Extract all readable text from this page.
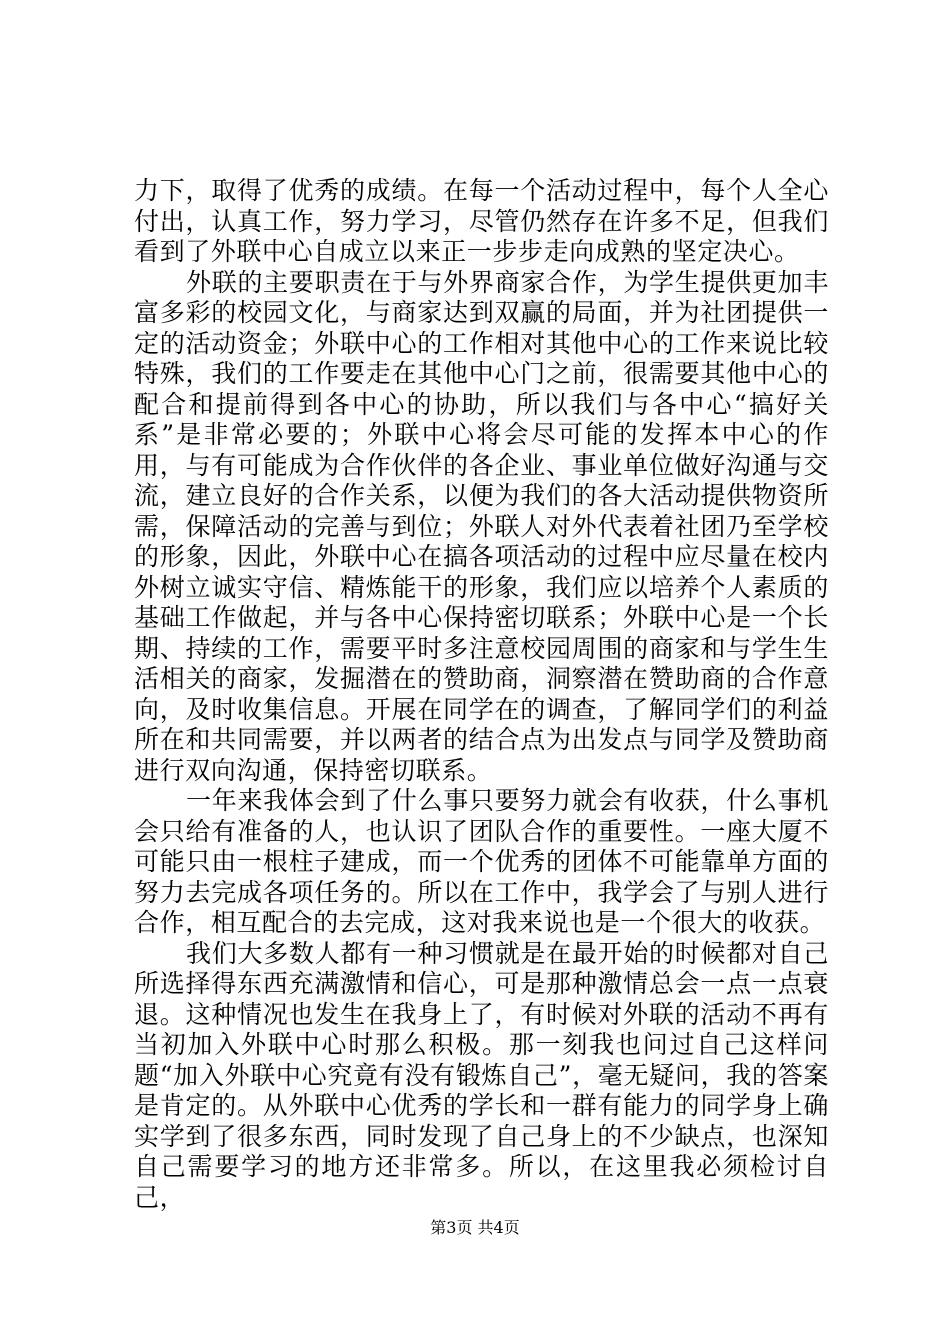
力下，取得了优秀的成绩。在每一个活动过程中，每个人全心付出，认真工作，努力学习，尽管仍然存在许多不足，但我们看到了外联中心自成立以来正一步步走向成熟的坚定决心。

外联的主要职责在于与外界商家合作，为学生提供更加丰富多彩的校园文化，与商家达到双赢的局面，并为社团提供一定的活动资金；外联中心的工作相对其他中心的工作来说比较特殊，我们的工作要走在其他中心门之前，很需要其他中心的配合和提前得到各中心的协助，所以我们与各中心“搞好关系”是非常必要的；外联中心将会尽可能的发挥本中心的作用，与有可能成为合作伙伴的各企业、事业单位做好沟通与交流，建立良好的合作关系，以便为我们的各大活动提供物资所需，保障活动的完善与到位；外联人对外代表着社团乃至学校的形象，因此，外联中心在搞各项活动的过程中应尽量在校内外树立诚实守信、精炼能干的形象，我们应以培养个人素质的基础工作做起，并与各中心保持密切联系；外联中心是一个长期、持续的工作，需要平时多注意校园周围的商家和与学生生活相关的商家，发掘潜在的赞助商，洞察潜在赞助商的合作意向，及时收集信息。开展在同学在的调查，了解同学们的利益所在和共同需要，并以两者的结合点为出发点与同学及赞助商进行双向沟通，保持密切联系。

一年来我体会到了什么事只要努力就会有收获，什么事机会只给有准备的人，也认识了团队合作的重要性。一座大厦不可能只由一根柱子建成，而一个优秀的团体不可能靠单方面的努力去完成各项任务的。所以在工作中，我学会了与别人进行合作，相互配合的去完成，这对我来说也是一个很大的收获。

我们大多数人都有一种习惯就是在最开始的时候都对自己所选择得东西充满激情和信心，可是那种激情总会一点一点衰退。这种情况也发生在我身上了，有时候对外联的活动不再有当初加入外联中心时那么积极。那一刻我也问过自己这样问题“加入外联中心究竟有没有锻炼自己”，毫无疑问，我的答案是肯定的。从外联中心优秀的学长和一群有能力的同学身上确实学到了很多东西，同时发现了自己身上的不少缺点，也深知自己需要学习的地方还非常多。所以，在这里我必须检讨自己，

第3页 共4页
